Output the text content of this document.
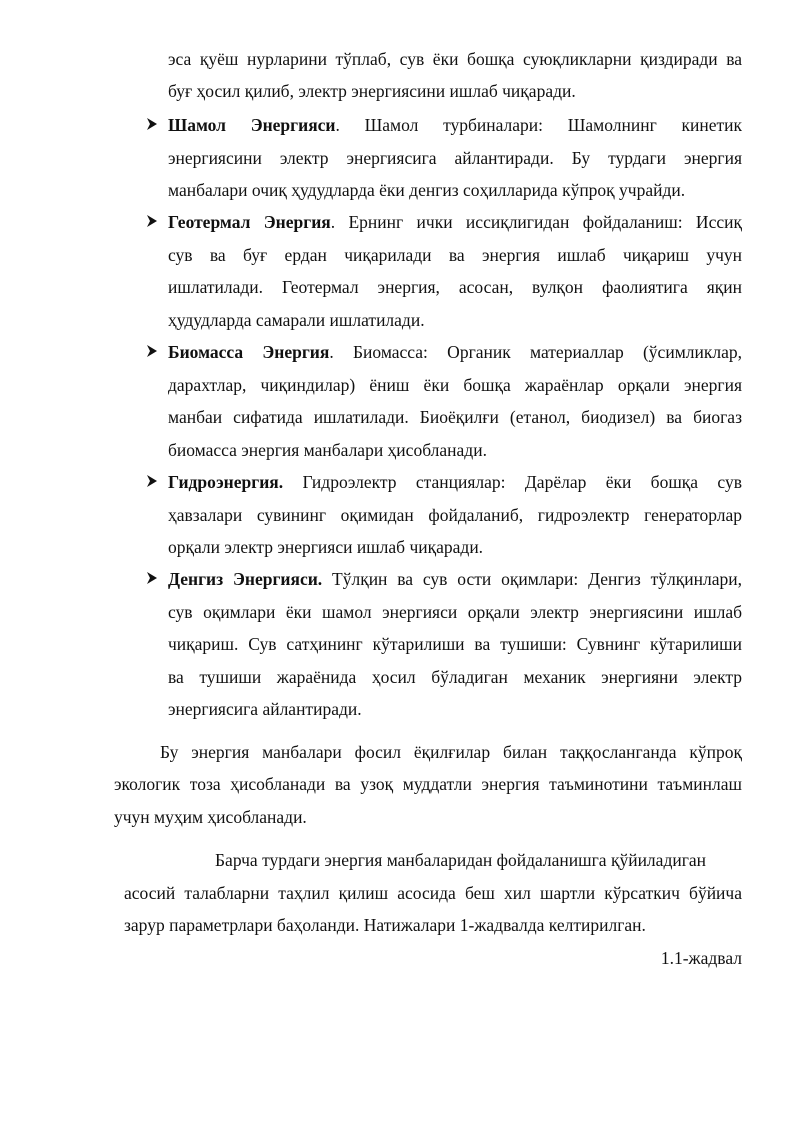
эса қуёш нурларини тўплаб, сув ёки бошқа суюқликларни қиздиради ва
буғ ҳосил қилиб, электр энергиясини ишлаб чиқаради.
Шамол Энергияси. Шамол турбиналари: Шамолнинг кинетик
энергиясини электр энергиясига айлантиради. Бу турдаги энергия
манбалари очиқ ҳудудларда ёки денгиз соҳилларида кўпроқ учрайди.
Геотермал Энергия. Ернинг ички иссиқлигидан фойдаланиш: Иссиқ
сув ва буғ ердан чиқарилади ва энергия ишлаб чиқариш учун
ишлатилади. Геотермал энергия, асосан, вулқон фаолиятига яқин
ҳудудларда самарали ишлатилади.
Биомасса Энергия. Биомасса: Органик материаллар (ўсимликлар,
дарахтлар, чиқиндилар) ёниш ёки бошқа жараёнлар орқали энергия
манбаи сифатида ишлатилади. Биоёқилғи (етанол, биодизел) ва биогаз
биомасса энергия манбалари ҳисобланади.
Гидроэнергия. Гидроэлектр станциялар: Дарёлар ёки бошқа сув
ҳавзалари сувининг оқимидан фойдаланиб, гидроэлектр генераторлар
орқали электр энергияси ишлаб чиқаради.
Денгиз Энергияси. Тўлқин ва сув ости оқимлари: Денгиз тўлқинлари,
сув оқимлари ёки шамол энергияси орқали электр энергиясини ишлаб
чиқариш. Сув сатҳининг кўтарилиши ва тушиши: Сувнинг кўтарилиши
ва тушиши жараёнида ҳосил бўладиган механик энергияни электр
энергиясига айлантиради.
Бу энергия манбалари фосил ёқилғилар билан таққосланганда кўпроқ
экологик тоза ҳисобланади ва узоқ муддатли энергия таъминотини таъминлаш
учун муҳим ҳисобланади.
Барча турдаги энергия манбаларидан фойдаланишга қўйиладиган
асосий талабларни таҳлил қилиш асосида беш хил шартли кўрсаткич бўйича
зарур параметрлари баҳоланди. Натижалари 1-жадвалда келтирилган.
1.1-жадвал
